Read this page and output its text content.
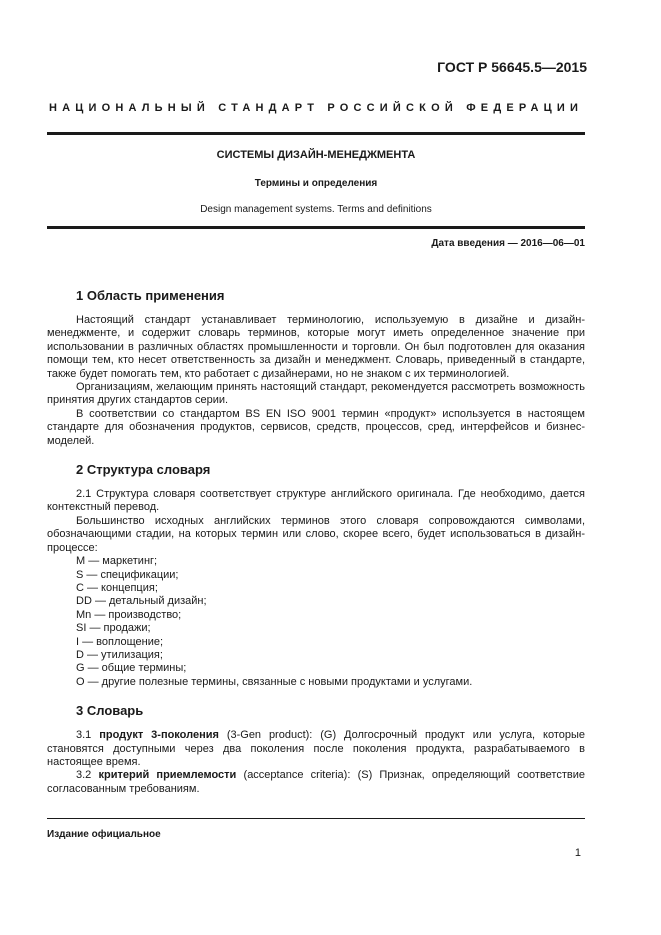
ГОСТ Р 56645.5—2015
НАЦИОНАЛЬНЫЙ СТАНДАРТ РОССИЙСКОЙ ФЕДЕРАЦИИ
СИСТЕМЫ ДИЗАЙН-МЕНЕДЖМЕНТА
Термины и определения
Design management systems. Terms and definitions
Дата введения — 2016—06—01
1 Область применения

Настоящий стандарт устанавливает терминологию, используемую в дизайне и дизайн-менеджменте, и содержит словарь терминов, которые могут иметь определенное значение при использовании в различных областях промышленности и торговли. Он был подготовлен для оказания помощи тем, кто несет ответственность за дизайн и менеджмент. Словарь, приведенный в стандарте, также будет помогать тем, кто работает с дизайнерами, но не знаком с их терминологией.

Организациям, желающим принять настоящий стандарт, рекомендуется рассмотреть возможность принятия других стандартов серии.

В соответствии со стандартом BS EN ISO 9001 термин «продукт» используется в настоящем стандарте для обозначения продуктов, сервисов, средств, процессов, сред, интерфейсов и бизнес-моделей.

2 Структура словаря

2.1 Структура словаря соответствует структуре английского оригинала. Где необходимо, дается контекстный перевод.

Большинство исходных английских терминов этого словаря сопровождаются символами, обозначающими стадии, на которых термин или слово, скорее всего, будет использоваться в дизайн-процессе:

М — маркетинг;
S — спецификации;
С — концепция;
DD — детальный дизайн;
Mn — производство;
SI — продажи;
I — воплощение;
D — утилизация;
G — общие термины;
О — другие полезные термины, связанные с новыми продуктами и услугами.
3 Словарь

3.1 продукт 3-поколения (3-Gen product): (G) Долгосрочный продукт или услуга, которые становятся доступными через два поколения после поколения продукта, разрабатываемого в настоящее время.

3.2 критерий приемлемости (acceptance criteria): (S) Признак, определяющий соответствие согласованным требованиям.

Издание официальное
1
